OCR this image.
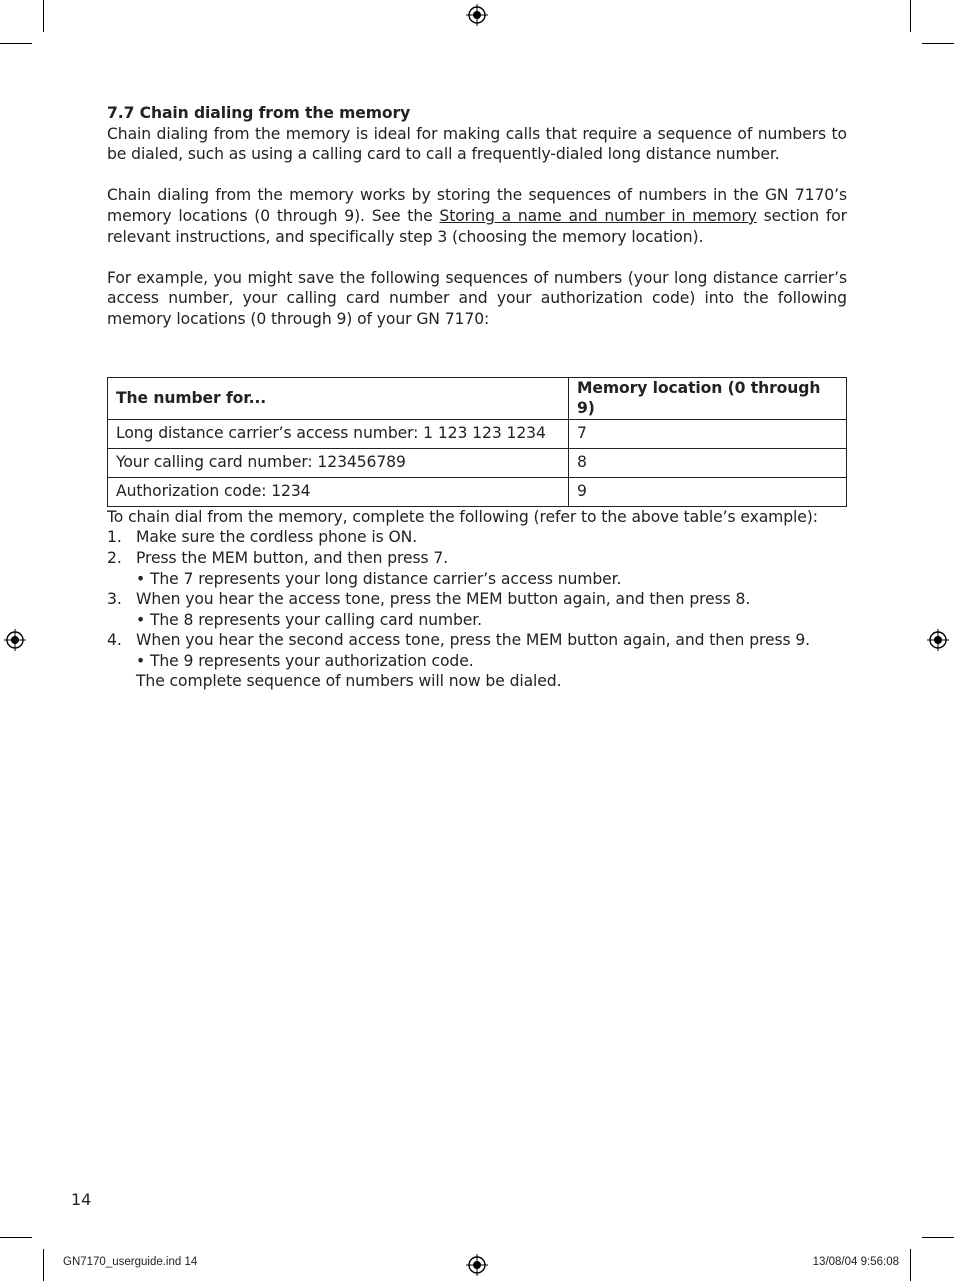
7.7 Chain dialing from the memory

Chain dialing from the memory is ideal for making calls that require a sequence of numbers to be dialed, such as using a calling card to call a frequently-dialed long distance number.

Chain dialing from the memory works by storing the sequences of numbers in the GN 7170’s memory locations (0 through 9). See the Storing a name and number in memory section for relevant instructions, and specifically step 3 (choosing the memory location).

For example, you might save the following sequences of numbers (your long distance carrier’s access number, your calling card number and your authorization code) into the following memory locations (0 through 9) of your GN 7170:

The number for...	Memory location (0 through 9)
Long distance carrier’s access number: 1 123 123 1234	7
Your calling card number: 123456789	8
Authorization code: 1234	9

To chain dial from the memory, complete the following (refer to the above table’s example):

1. Make sure the cordless phone is ON.
2. Press the MEM button, and then press 7.
• The 7 represents your long distance carrier’s access number.
3. When you hear the access tone, press the MEM button again, and then press 8.
• The 8 represents your calling card number.
4. When you hear the second access tone, press the MEM button again, and then press 9.
• The 9 represents your authorization code.
The complete sequence of numbers will now be dialed.
14
GN7170_userguide.ind 14	13/08/04 9:56:08
